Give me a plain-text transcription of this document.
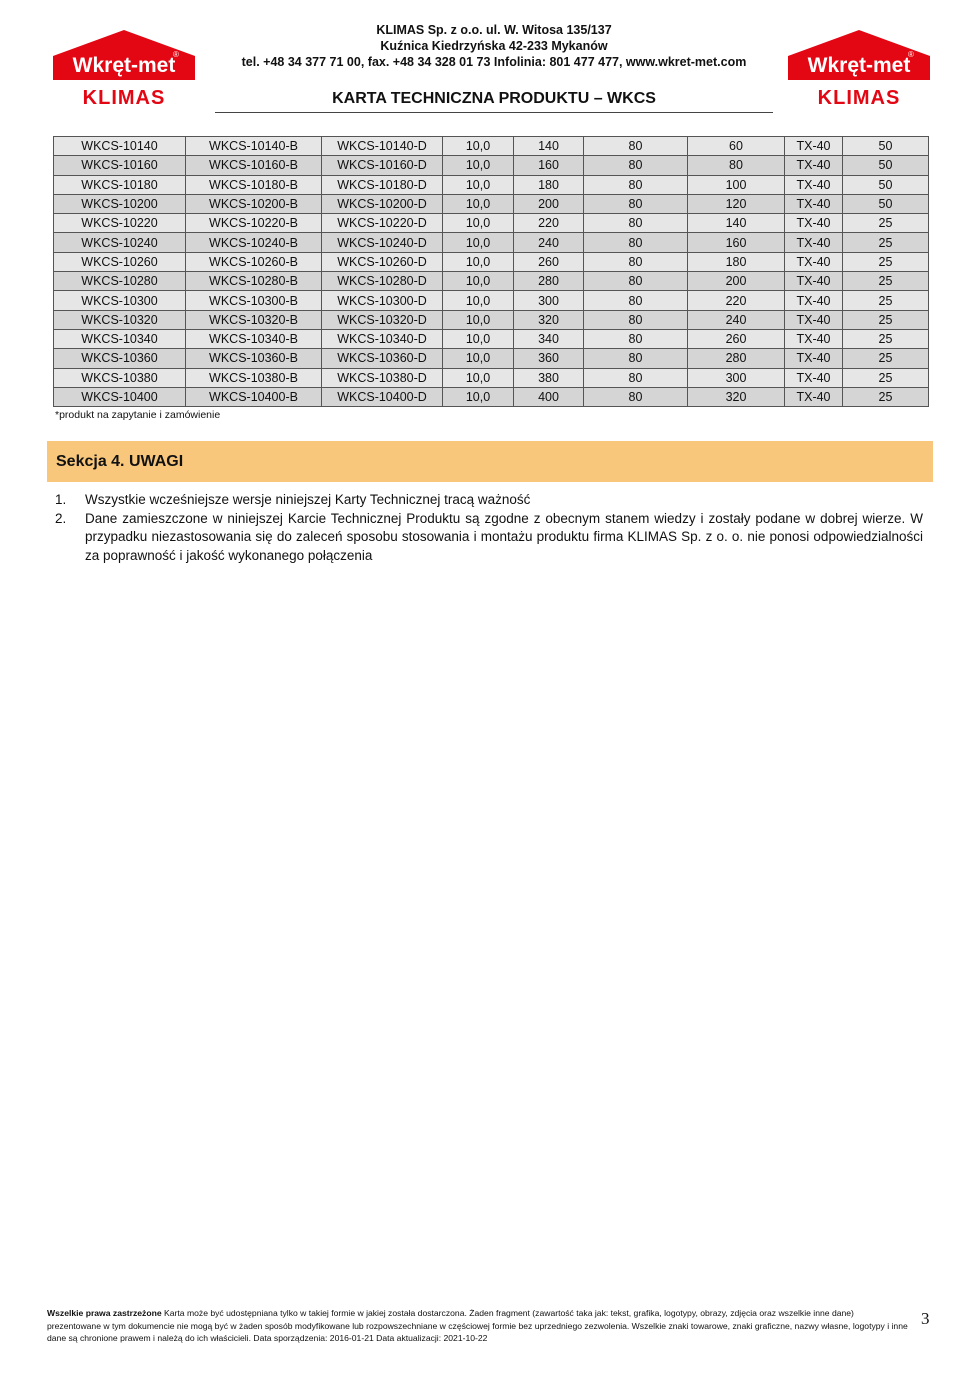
Wkręt-met
®
KLIMAS
Wkręt-met
®
KLIMAS
KLIMAS Sp. z o.o. ul. W. Witosa 135/137
Kuźnica Kiedrzyńska 42-233 Mykanów
tel. +48 34 377 71 00, fax. +48 34 328 01 73 Infolinia: 801 477 477, www.wkret-met.com
KARTA TECHNICZNA PRODUKTU – WKCS
WKCS-10140	WKCS-10140-B	WKCS-10140-D	10,0	140	80	60	TX-40	50
WKCS-10160	WKCS-10160-B	WKCS-10160-D	10,0	160	80	80	TX-40	50
WKCS-10180	WKCS-10180-B	WKCS-10180-D	10,0	180	80	100	TX-40	50
WKCS-10200	WKCS-10200-B	WKCS-10200-D	10,0	200	80	120	TX-40	50
WKCS-10220	WKCS-10220-B	WKCS-10220-D	10,0	220	80	140	TX-40	25
WKCS-10240	WKCS-10240-B	WKCS-10240-D	10,0	240	80	160	TX-40	25
WKCS-10260	WKCS-10260-B	WKCS-10260-D	10,0	260	80	180	TX-40	25
WKCS-10280	WKCS-10280-B	WKCS-10280-D	10,0	280	80	200	TX-40	25
WKCS-10300	WKCS-10300-B	WKCS-10300-D	10,0	300	80	220	TX-40	25
WKCS-10320	WKCS-10320-B	WKCS-10320-D	10,0	320	80	240	TX-40	25
WKCS-10340	WKCS-10340-B	WKCS-10340-D	10,0	340	80	260	TX-40	25
WKCS-10360	WKCS-10360-B	WKCS-10360-D	10,0	360	80	280	TX-40	25
WKCS-10380	WKCS-10380-B	WKCS-10380-D	10,0	380	80	300	TX-40	25
WKCS-10400	WKCS-10400-B	WKCS-10400-D	10,0	400	80	320	TX-40	25
*produkt na zapytanie i zamówienie
Sekcja 4. UWAGI
1.	Wszystkie wcześniejsze wersje niniejszej Karty Technicznej tracą ważność
2.	Dane zamieszczone w niniejszej Karcie Technicznej Produktu są zgodne z obecnym stanem wiedzy i zostały podane w dobrej wierze. W przypadku niezastosowania się do zaleceń sposobu stosowania i montażu produktu firma KLIMAS Sp. z o. o. nie ponosi odpowiedzialności za poprawność i jakość wykonanego połączenia
Wszelkie prawa zastrzeżone Karta może być udostępniana tylko w takiej formie w jakiej została dostarczona. Żaden fragment (zawartość taka jak: tekst, grafika, logotypy, obrazy, zdjęcia oraz wszelkie inne dane) prezentowane w tym dokumencie nie mogą być w żaden sposób modyfikowane lub rozpowszechniane w częściowej formie bez uprzedniego zezwolenia. Wszelkie znaki towarowe, znaki graficzne, nazwy własne, logotypy i inne dane są chronione prawem i należą do ich właścicieli. Data sporządzenia: 2016-01-21 Data aktualizacji: 2021-10-22
3
